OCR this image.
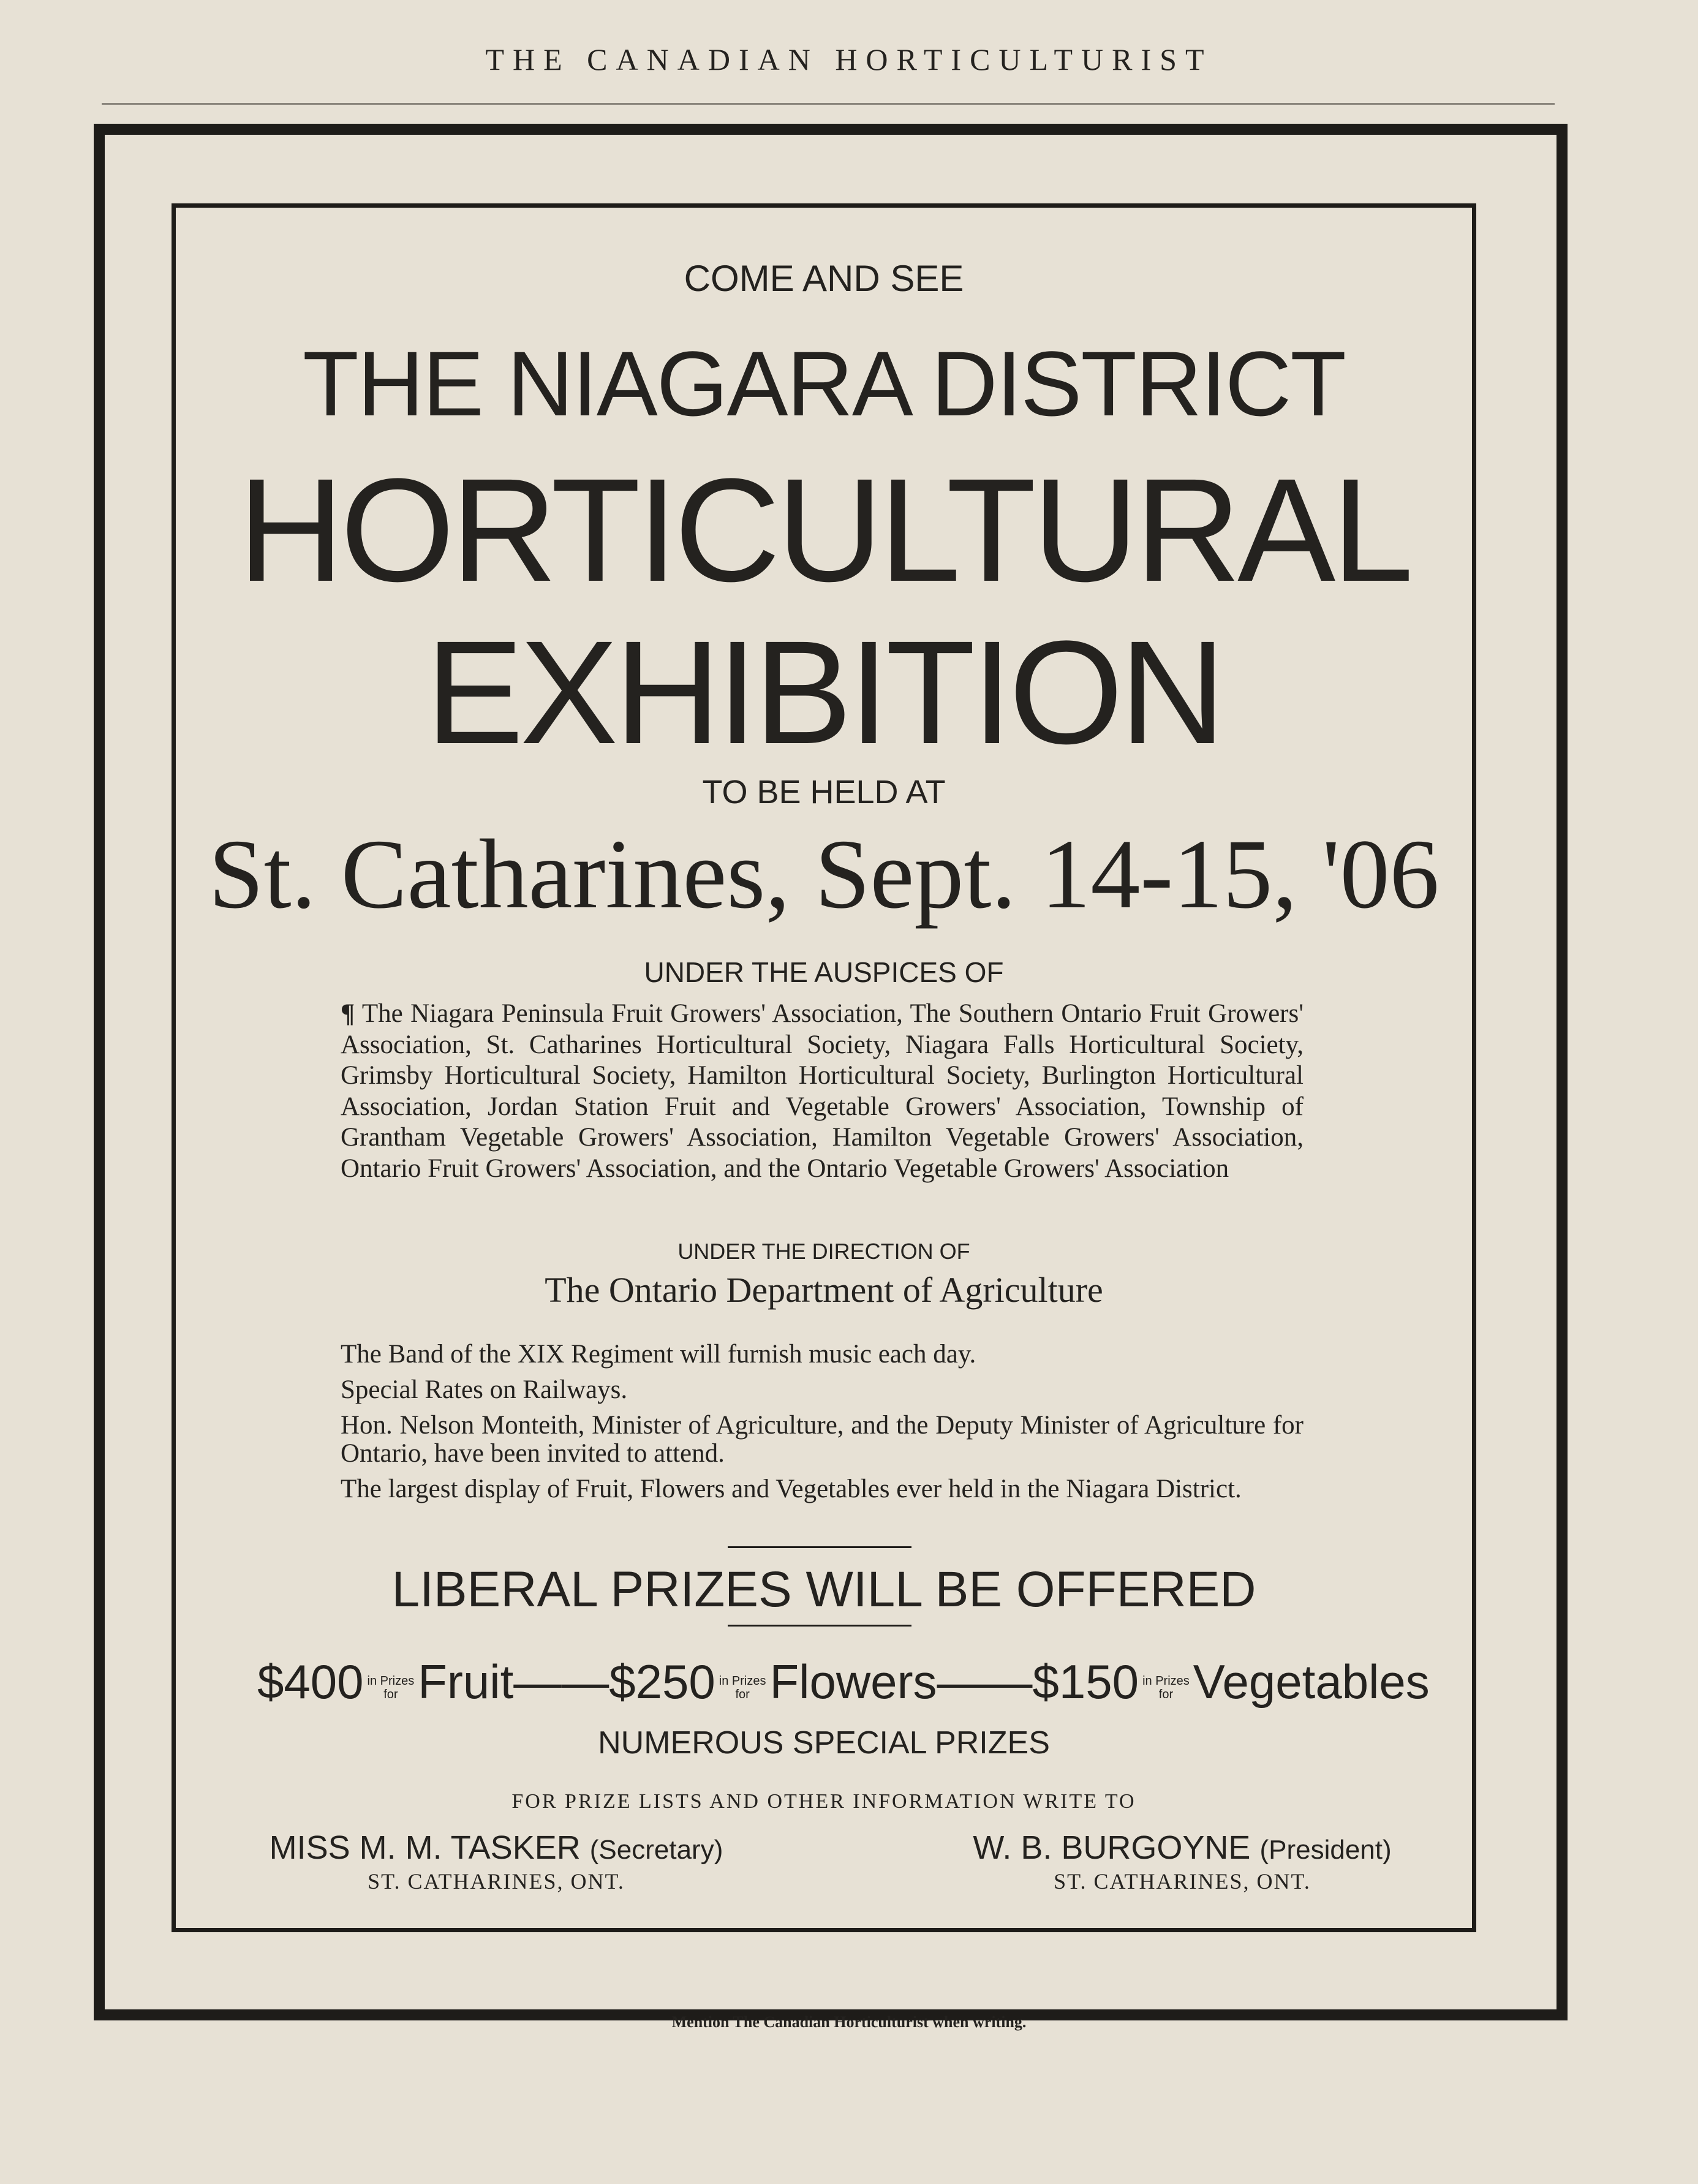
THE CANADIAN HORTICULTURIST
COME AND SEE
THE NIAGARA DISTRICT
HORTICULTURAL
EXHIBITION
TO BE HELD AT
St. Catharines, Sept. 14-15, '06
UNDER THE AUSPICES OF
¶ The Niagara Peninsula Fruit Growers' Association, The Southern Ontario Fruit Growers' Association, St. Catharines Horticultural Society, Niagara Falls Horticultural Society, Grimsby Horticultural Society, Hamilton Horticultural Society, Burlington Horticultural Association, Jordan Station Fruit and Vegetable Growers' Association, Township of Grantham Vegetable Growers' Association, Hamilton Vegetable Growers' Association, Ontario Fruit Growers' Association, and the Ontario Vegetable Growers' Association
UNDER THE DIRECTION OF
The Ontario Department of Agriculture

The Band of the XIX Regiment will furnish music each day.

Special Rates on Railways.

Hon. Nelson Monteith, Minister of Agriculture, and the Deputy Minister of Agriculture for Ontario, have been invited to attend.

The largest display of Fruit, Flowers and Vegetables ever held in the Niagara District.

LIBERAL PRIZES WILL BE OFFERED
$400 in Prizes
for Fruit——$250 in Prizes
for Flowers——$150 in Prizes
for Vegetables
NUMEROUS SPECIAL PRIZES
FOR PRIZE LISTS AND OTHER INFORMATION WRITE TO
MISS M. M. TASKER (Secretary)
ST. CATHARINES, ONT.
W. B. BURGOYNE (President)
ST. CATHARINES, ONT.
Mention The Canadian Horticulturist when writing.
